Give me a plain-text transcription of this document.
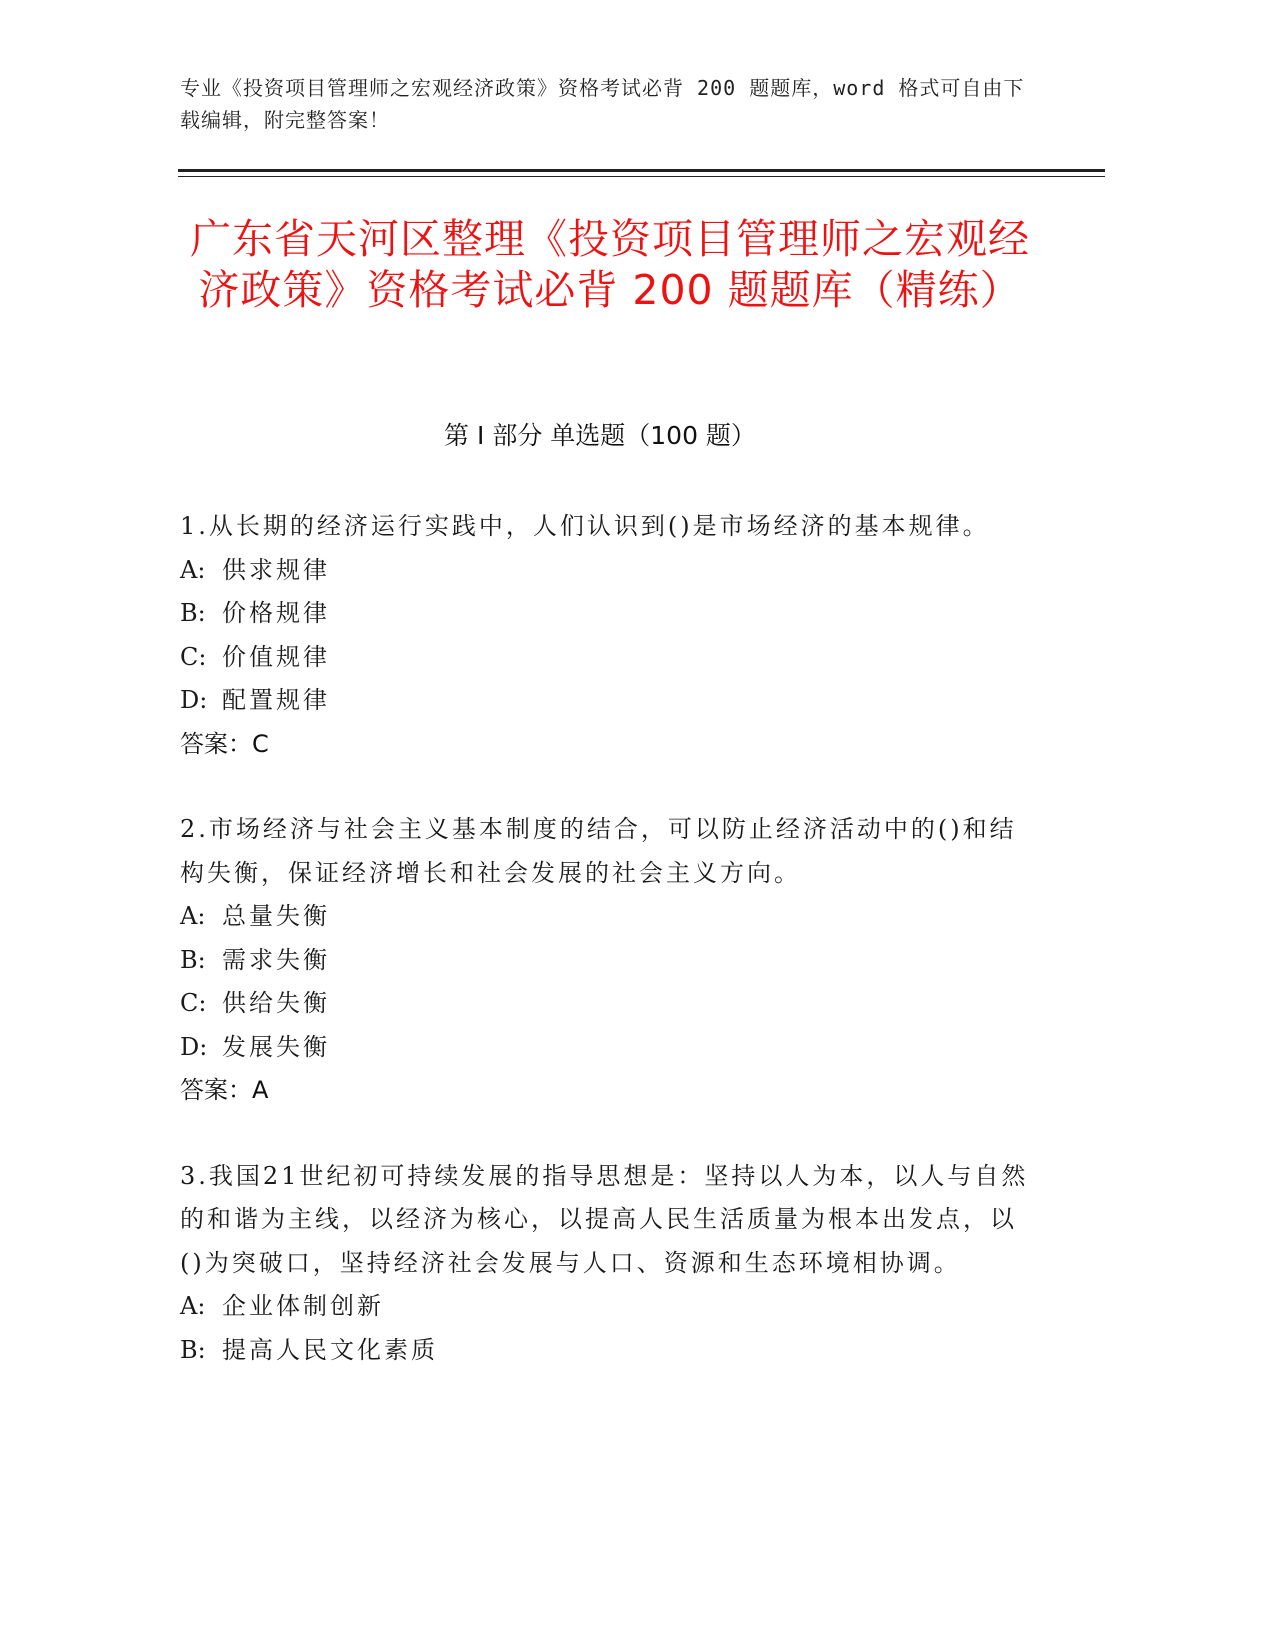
专业《投资项目管理师之宏观经济政策》资格考试必背 200 题题库，word 格式可自由下载编辑，附完整答案！
广东省天河区整理《投资项目管理师之宏观经济政策》资格考试必背 200 题题库（精练）
第 I 部分 单选题（100 题）
1.从长期的经济运行实践中，人们认识到()是市场经济的基本规律。
A: 供求规律
B: 价格规律
C: 价值规律
D: 配置规律
答案：C
2.市场经济与社会主义基本制度的结合，可以防止经济活动中的()和结构失衡，保证经济增长和社会发展的社会主义方向。
A: 总量失衡
B: 需求失衡
C: 供给失衡
D: 发展失衡
答案：A
3.我国21世纪初可持续发展的指导思想是：坚持以人为本，以人与自然的和谐为主线，以经济为核心，以提高人民生活质量为根本出发点，以()为突破口，坚持经济社会发展与人口、资源和生态环境相协调。
A: 企业体制创新
B: 提高人民文化素质
